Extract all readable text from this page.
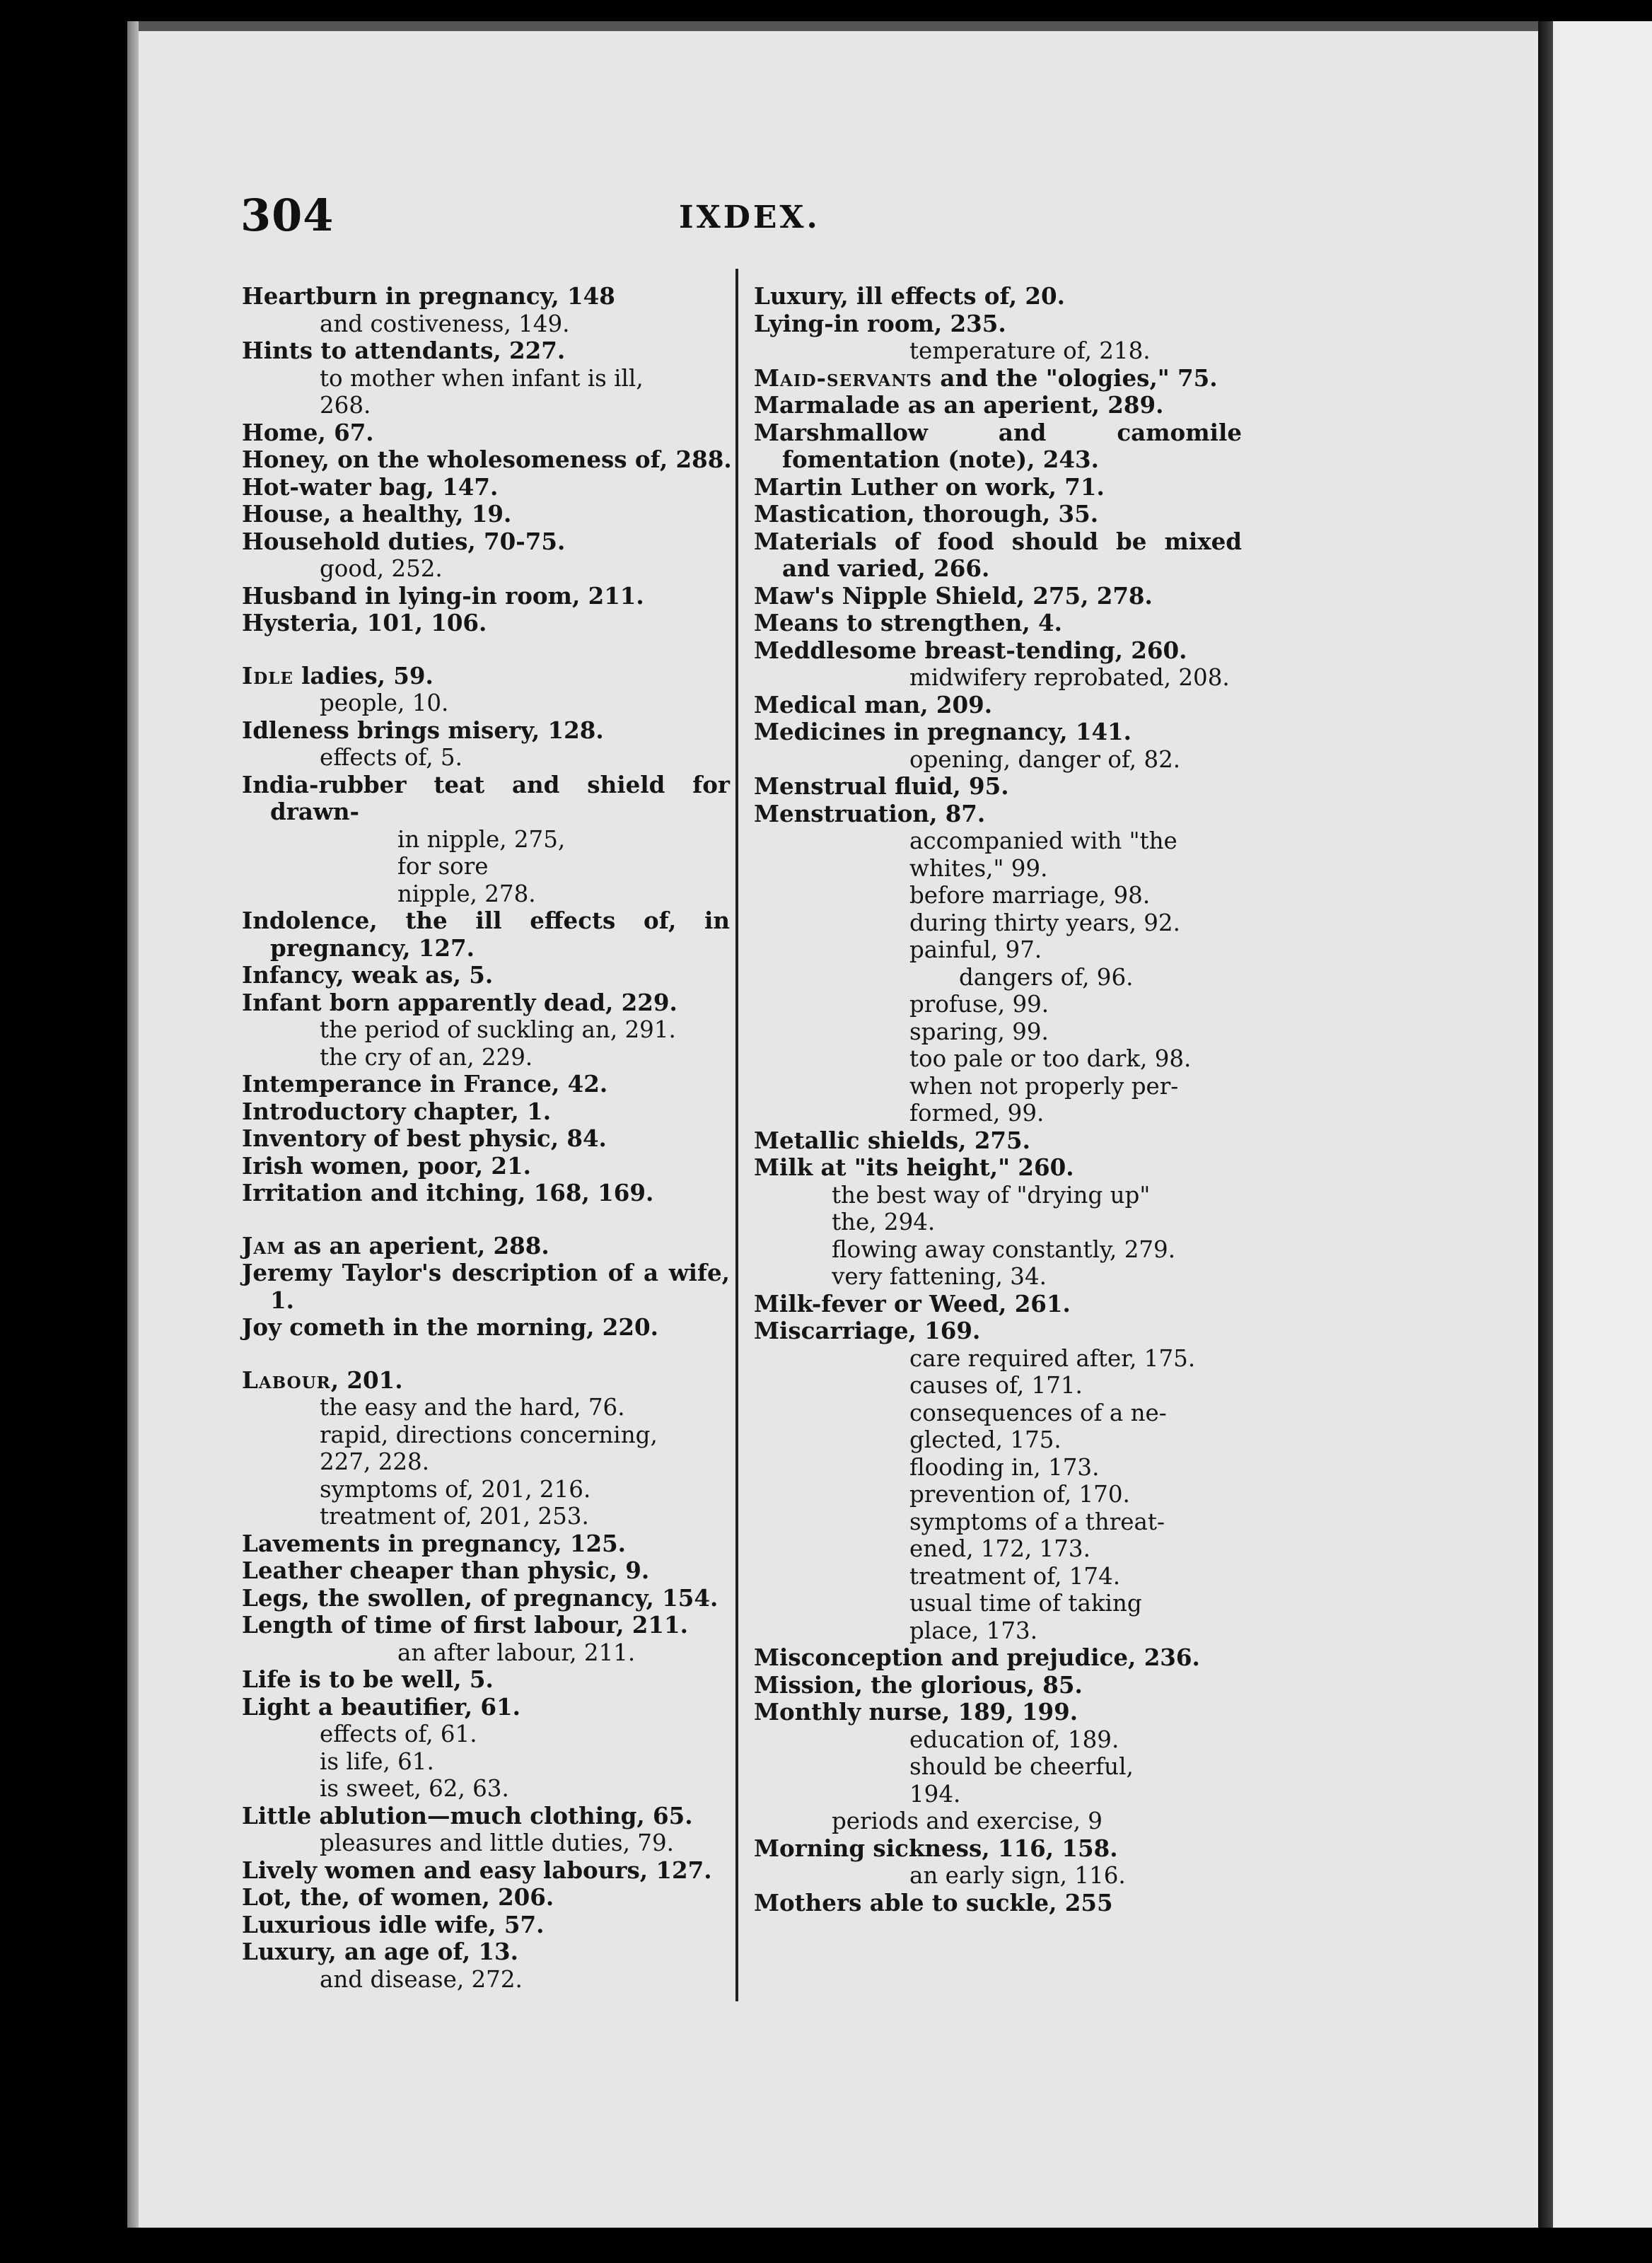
304	IXDEX.
Heartburn in pregnancy, 148
and costiveness, 149.
Hints to attendants, 227.
to mother when infant is ill,
268.
Home, 67.
Honey, on the wholesomeness of, 288.
Hot-water bag, 147.
House, a healthy, 19.
Household duties, 70-75.
good, 252.
Husband in lying-in room, 211.
Hysteria, 101, 106.
Idle ladies, 59.
people, 10.
Idleness brings misery, 128.
effects of, 5.
India-rubber teat and shield for drawn-
in nipple, 275,
for sore
nipple, 278.
Indolence, the ill effects of, in pregnancy, 127.
Infancy, weak as, 5.
Infant born apparently dead, 229.
the period of suckling an, 291.
the cry of an, 229.
Intemperance in France, 42.
Introductory chapter, 1.
Inventory of best physic, 84.
Irish women, poor, 21.
Irritation and itching, 168, 169.
Jam as an aperient, 288.
Jeremy Taylor's description of a wife, 1.
Joy cometh in the morning, 220.
Labour, 201.
the easy and the hard, 76.
rapid, directions concerning,
227, 228.
symptoms of, 201, 216.
treatment of, 201, 253.
Lavements in pregnancy, 125.
Leather cheaper than physic, 9.
Legs, the swollen, of pregnancy, 154.
Length of time of first labour, 211.
an after labour, 211.
Life is to be well, 5.
Light a beautifier, 61.
effects of, 61.
is life, 61.
is sweet, 62, 63.
Little ablution—much clothing, 65.
pleasures and little duties, 79.
Lively women and easy labours, 127.
Lot, the, of women, 206.
Luxurious idle wife, 57.
Luxury, an age of, 13.
and disease, 272.
Luxury, ill effects of, 20.
Lying-in room, 235.
temperature of, 218.
Maid-servants and the "ologies," 75.
Marmalade as an aperient, 289.
Marshmallow and camomile fomentation (note), 243.
Martin Luther on work, 71.
Mastication, thorough, 35.
Materials of food should be mixed and varied, 266.
Maw's Nipple Shield, 275, 278.
Means to strengthen, 4.
Meddlesome breast-tending, 260.
midwifery reprobated, 208.
Medical man, 209.
Medicines in pregnancy, 141.
opening, danger of, 82.
Menstrual fluid, 95.
Menstruation, 87.
accompanied with "the
whites," 99.
before marriage, 98.
during thirty years, 92.
painful, 97.
dangers of, 96.
profuse, 99.
sparing, 99.
too pale or too dark, 98.
when not properly per-
formed, 99.
Metallic shields, 275.
Milk at "its height," 260.
the best way of "drying up"
the, 294.
flowing away constantly, 279.
very fattening, 34.
Milk-fever or Weed, 261.
Miscarriage, 169.
care required after, 175.
causes of, 171.
consequences of a ne-
glected, 175.
flooding in, 173.
prevention of, 170.
symptoms of a threat-
ened, 172, 173.
treatment of, 174.
usual time of taking
place, 173.
Misconception and prejudice, 236.
Mission, the glorious, 85.
Monthly nurse, 189, 199.
education of, 189.
should be cheerful,
194.
periods and exercise, 9
Morning sickness, 116, 158.
an early sign, 116.
Mothers able to suckle, 255
